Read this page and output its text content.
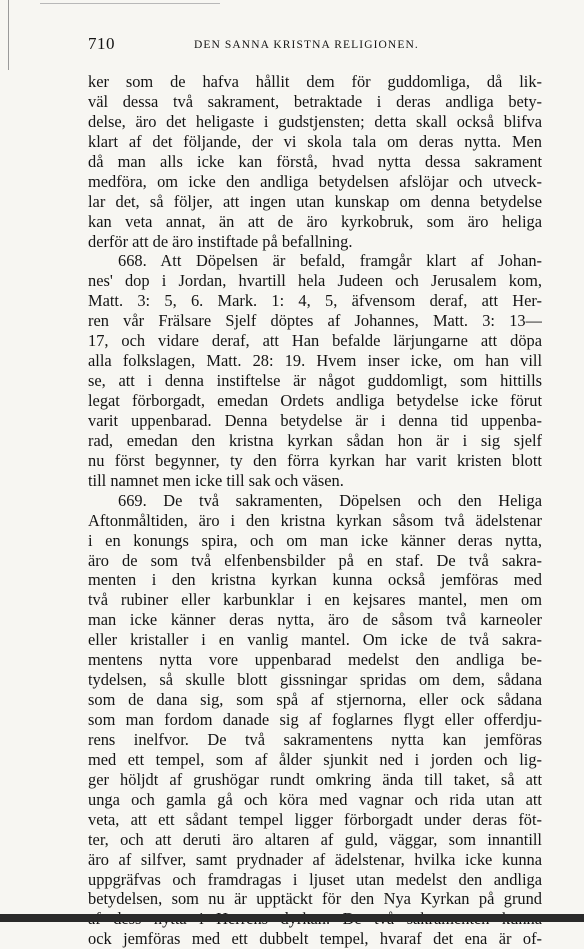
710	DEN SANNA KRISTNA RELIGIONEN.
ker som de hafva hållit dem för guddomliga, då lik-
väl dessa två sakrament, betraktade i deras andliga bety-
delse, äro det heligaste i gudstjensten; detta skall också blifva
klart af det följande, der vi skola tala om deras nytta. Men
då man alls icke kan förstå, hvad nytta dessa sakrament
medföra, om icke den andliga betydelsen afslöjar och utveck-
lar det, så följer, att ingen utan kunskap om denna betydelse
kan veta annat, än att de äro kyrkobruk, som äro heliga
derför att de äro instiftade på befallning.
668. Att Döpelsen är befald, framgår klart af Johan-
nes' dop i Jordan, hvartill hela Judeen och Jerusalem kom,
Matt. 3: 5, 6. Mark. 1: 4, 5, äfvensom deraf, att Her-
ren vår Frälsare Sjelf döptes af Johannes, Matt. 3: 13—
17, och vidare deraf, att Han befalde lärjungarne att döpa
alla folkslagen, Matt. 28: 19. Hvem inser icke, om han vill
se, att i denna instiftelse är något guddomligt, som hittills
legat förborgadt, emedan Ordets andliga betydelse icke förut
varit uppenbarad. Denna betydelse är i denna tid uppenba-
rad, emedan den kristna kyrkan sådan hon är i sig sjelf
nu först begynner, ty den förra kyrkan har varit kristen blott
till namnet men icke till sak och väsen.
669. De två sakramenten, Döpelsen och den Heliga
Aftonmåltiden, äro i den kristna kyrkan såsom två ädelstenar
i en konungs spira, och om man icke känner deras nytta,
äro de som två elfenbensbilder på en staf. De två sakra-
menten i den kristna kyrkan kunna också jemföras med
två rubiner eller karbunklar i en kejsares mantel, men om
man icke känner deras nytta, äro de såsom två karneoler
eller kristaller i en vanlig mantel. Om icke de två sakra-
mentens nytta vore uppenbarad medelst den andliga be-
tydelsen, så skulle blott gissningar spridas om dem, sådana
som de dana sig, som spå af stjernorna, eller ock sådana
som man fordom danade sig af foglarnes flygt eller offerdju-
rens inelfvor. De två sakramentens nytta kan jemföras
med ett tempel, som af ålder sjunkit ned i jorden och lig-
ger höljdt af grushögar rundt omkring ända till taket, så att
unga och gamla gå och köra med vagnar och rida utan att
veta, att ett sådant tempel ligger förborgadt under deras föt-
ter, och att deruti äro altaren af guld, väggar, som innantill
äro af silfver, samt prydnader af ädelstenar, hvilka icke kunna
uppgräfvas och framdragas i ljuset utan medelst den andliga
betydelsen, som nu är upptäckt för den Nya Kyrkan på grund
ock jemföras med ett dubbelt tempel, hvaraf det ena är of-
